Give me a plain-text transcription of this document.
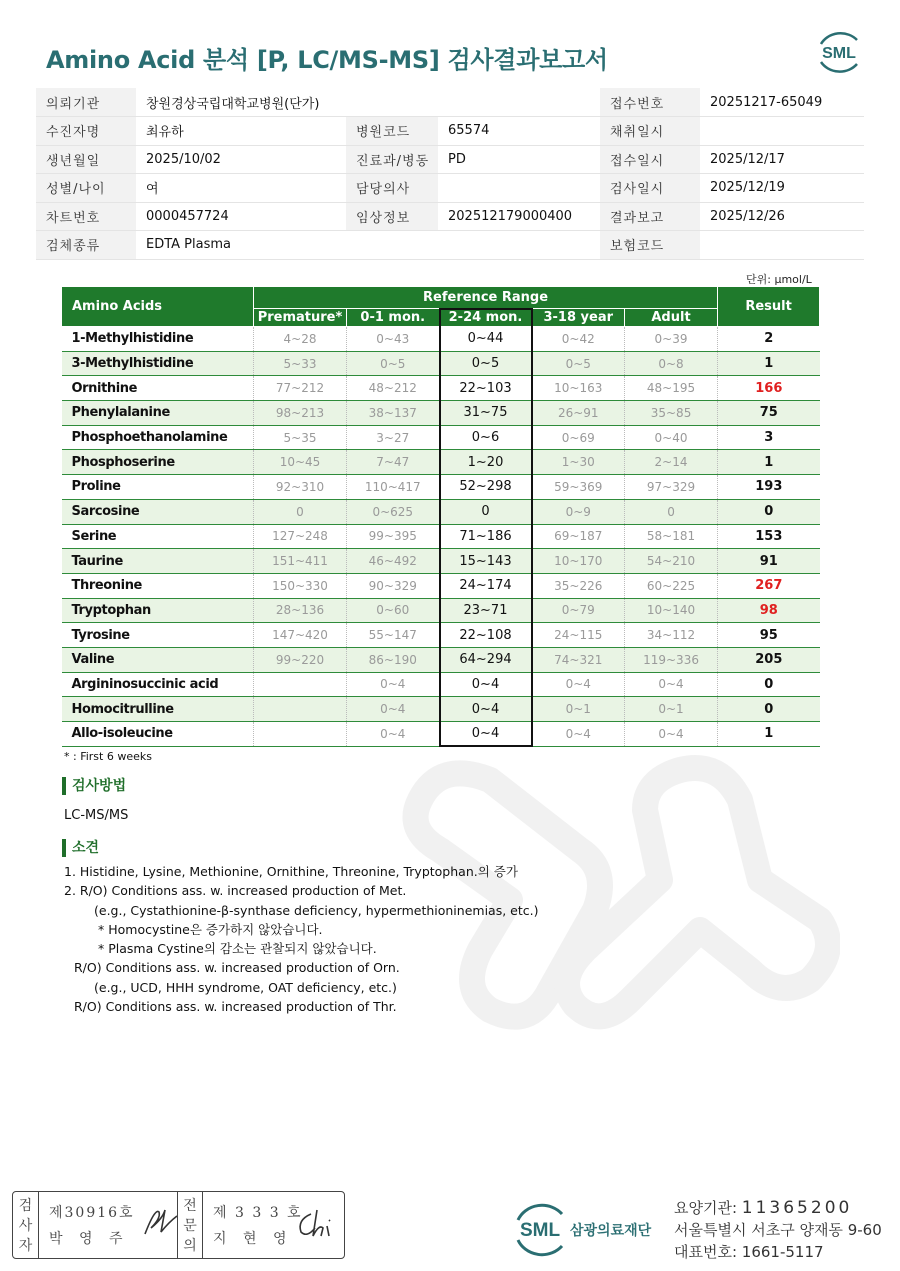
Amino Acid 분석 [P, LC/MS-MS] 검사결과보고서	SML
의뢰기관	창원경상국립대학교병원(단가)			접수번호	20251217-65049
수진자명	최유하	병원코드	65574	채취일시	
생년월일	2025/10/02	진료과/병동	PD	접수일시	2025/12/17
성별/나이	여	담당의사		검사일시	2025/12/19
차트번호	0000457724	임상정보	202512179000400	결과보고	2025/12/26
검체종류	EDTA Plasma			보험코드	
단위: μmol/L
Amino Acids	Reference Range					Result
	Premature*	0-1 mon.	2-24 mon.	3-18 year	Adult	
1-Methylhistidine	4~28	0~43	0~44	0~42	0~39	2
3-Methylhistidine	5~33	0~5	0~5	0~5	0~8	1
Ornithine	77~212	48~212	22~103	10~163	48~195	166
Phenylalanine	98~213	38~137	31~75	26~91	35~85	75
Phosphoethanolamine	5~35	3~27	0~6	0~69	0~40	3
Phosphoserine	10~45	7~47	1~20	1~30	2~14	1
Proline	92~310	110~417	52~298	59~369	97~329	193
Sarcosine	0	0~625	0	0~9	0	0
Serine	127~248	99~395	71~186	69~187	58~181	153
Taurine	151~411	46~492	15~143	10~170	54~210	91
Threonine	150~330	90~329	24~174	35~226	60~225	267
Tryptophan	28~136	0~60	23~71	0~79	10~140	98
Tyrosine	147~420	55~147	22~108	24~115	34~112	95
Valine	99~220	86~190	64~294	74~321	119~336	205
Argininosuccinic acid		0~4	0~4	0~4	0~4	0
Homocitrulline		0~4	0~4	0~1	0~1	0
Allo-isoleucine		0~4	0~4	0~4	0~4	1
* : First 6 weeks
검사방법
LC-MS/MS
소견
1. Histidine, Lysine, Methionine, Ornithine, Threonine, Tryptophan.의 증가
2. R/O) Conditions ass. w. increased production of Met.
(e.g., Cystathionine-β-synthase deficiency, hypermethioninemias, etc.)
* Homocystine은 증가하지 않았습니다.
* Plasma Cystine의 감소는 관찰되지 않았습니다.
R/O) Conditions ass. w. increased production of Orn.
(e.g., UCD, HHH syndrome, OAT deficiency, etc.)
R/O) Conditions ass. w. increased production of Thr.
검
사
자
제30916호
박 영 주
전
문
의
제 3 3 3 호
지 현 영	SML 삼광의료재단
요양기관: 11365200
서울특별시 서초구 양재동 9-60
대표번호: 1661-5117
